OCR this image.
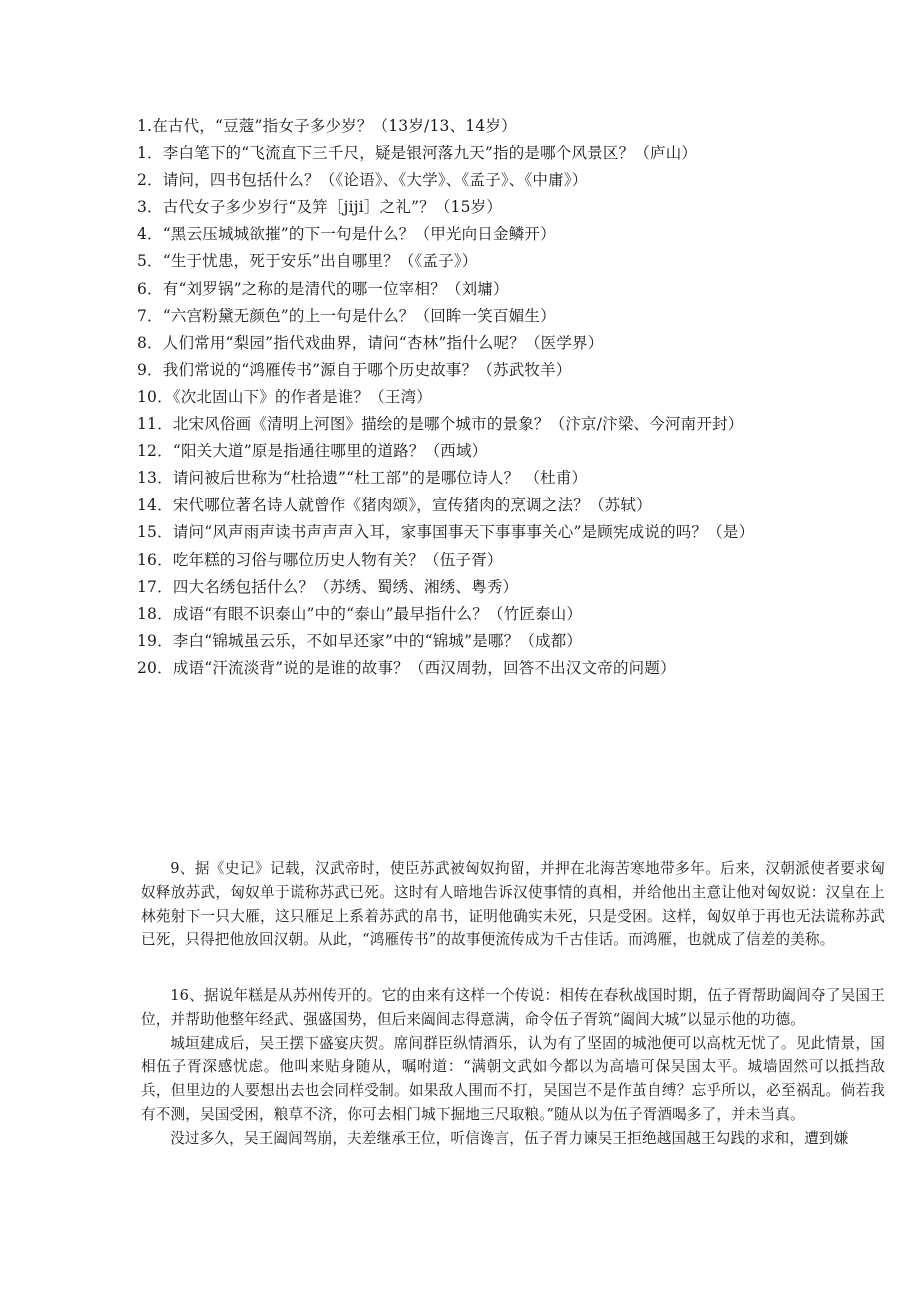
1.在古代，“豆蔻”指女子多少岁？（13岁/13、14岁）
1．李白笔下的“飞流直下三千尺，疑是银河落九天”指的是哪个风景区？（庐山）
2．请问，四书包括什么？（《论语》、《大学》、《孟子》、《中庸》）
3．古代女子多少岁行“及笄［jiji］之礼”？（15岁）
4．“黑云压城城欲摧”的下一句是什么？（甲光向日金鳞开）
5．“生于忧患，死于安乐”出自哪里？（《孟子》）
6．有“刘罗锅”之称的是清代的哪一位宰相？（刘墉）
7．“六宫粉黛无颜色”的上一句是什么？（回眸一笑百媚生）
8．人们常用“梨园”指代戏曲界，请问“杏林”指什么呢？（医学界）
9．我们常说的“鸿雁传书”源自于哪个历史故事？（苏武牧羊）
10．《次北固山下》的作者是谁？（王湾）
11．北宋风俗画《清明上河图》描绘的是哪个城市的景象？（汴京/汴梁、今河南开封）
12．“阳关大道”原是指通往哪里的道路？（西域）
13．请问被后世称为“杜拾遗”“杜工部”的是哪位诗人？ （杜甫）
14．宋代哪位著名诗人就曾作《猪肉颂》，宣传猪肉的烹调之法？（苏轼）
15．请问“风声雨声读书声声声入耳，家事国事天下事事事关心”是顾宪成说的吗？（是）
16．吃年糕的习俗与哪位历史人物有关？（伍子胥）
17．四大名绣包括什么？（苏绣、蜀绣、湘绣、粤秀）
18．成语“有眼不识泰山”中的“泰山”最早指什么？（竹匠泰山）
19．李白“锦城虽云乐，不如早还家”中的“锦城”是哪？（成都）
20．成语“汗流淡背”说的是谁的故事？（西汉周勃，回答不出汉文帝的问题）

9、据《史记》记载，汉武帝时，使臣苏武被匈奴拘留，并押在北海苦寒地带多年。后来，汉朝派使者要求匈奴释放苏武，匈奴单于谎称苏武已死。这时有人暗地告诉汉使事情的真相，并给他出主意让他对匈奴说：汉皇在上林苑射下一只大雁，这只雁足上系着苏武的帛书，证明他确实未死，只是受困。这样，匈奴单于再也无法谎称苏武已死，只得把他放回汉朝。从此，“鸿雁传书”的故事便流传成为千古佳话。而鸿雁，也就成了信差的美称。

16、据说年糕是从苏州传开的。它的由来有这样一个传说：相传在春秋战国时期，伍子胥帮助阖闾夺了吴国王位，并帮助他整年经武、强盛国势，但后来阖闾志得意满，命令伍子胥筑“阖闾大城”以显示他的功德。

城垣建成后，吴王摆下盛宴庆贺。席间群臣纵情酒乐，认为有了坚固的城池便可以高枕无忧了。见此情景，国相伍子胥深感忧虑。他叫来贴身随从，嘱咐道：“满朝文武如今都以为高墙可保吴国太平。城墙固然可以抵挡敌兵，但里边的人要想出去也会同样受制。如果敌人围而不打，吴国岂不是作茧自缚？忘乎所以，必至祸乱。倘若我有不测，吴国受困，粮草不济，你可去相门城下掘地三尺取粮。”随从以为伍子胥酒喝多了，并未当真。

没过多久，吴王阖闾驾崩，夫差继承王位，听信谗言，伍子胥力谏吴王拒绝越国越王勾践的求和，遭到嫌
